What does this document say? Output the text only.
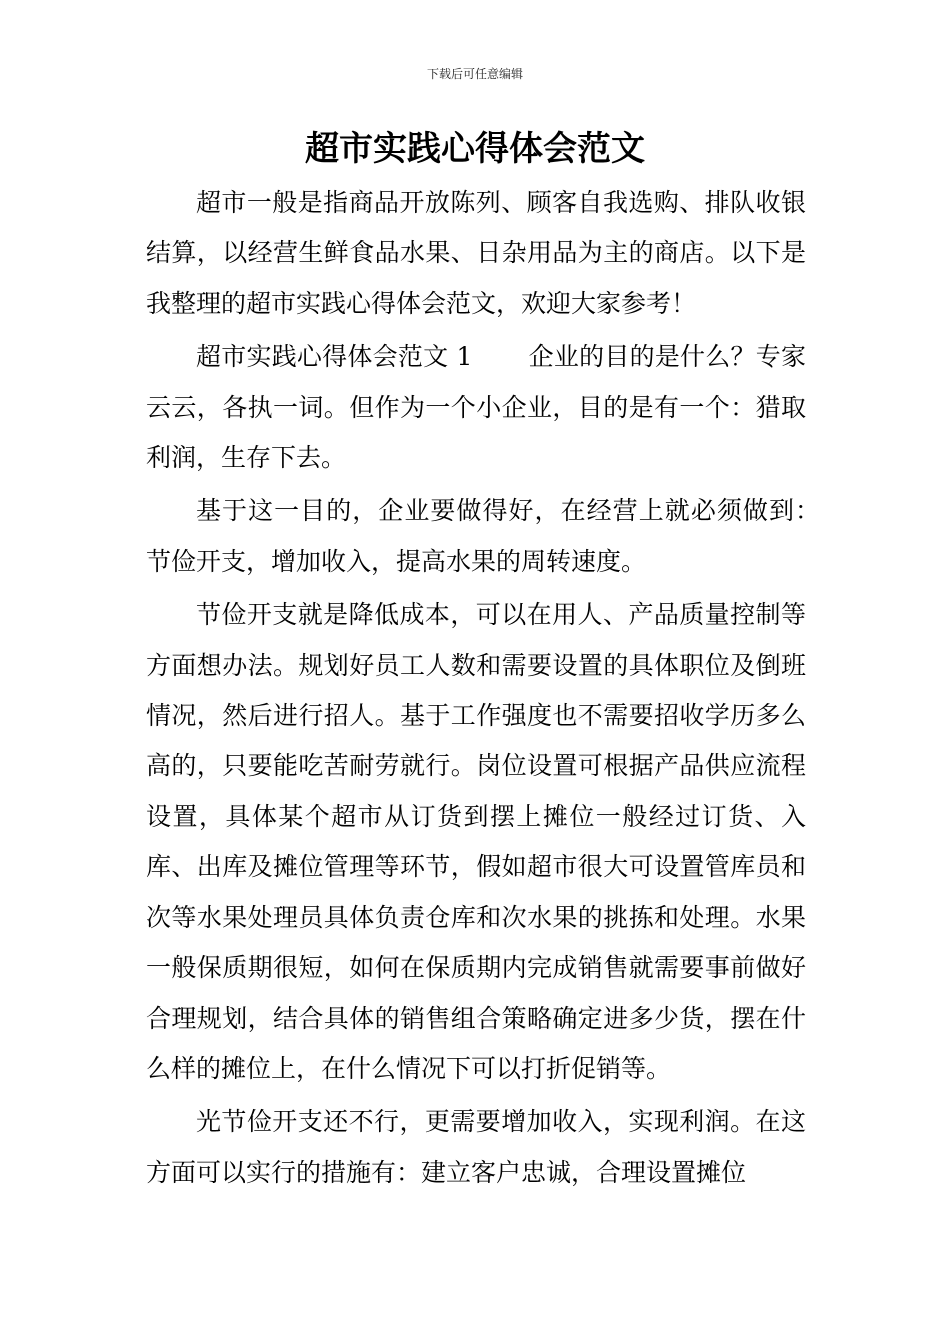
下载后可任意编辑
超市实践心得体会范文

超市一般是指商品开放陈列、顾客自我选购、排队收银结算，以经营生鲜食品水果、日杂用品为主的商店。以下是我整理的超市实践心得体会范文，欢迎大家参考！

超市实践心得体会范文 1 企业的目的是什么？专家云云，各执一词。但作为一个小企业，目的是有一个：猎取利润，生存下去。

基于这一目的，企业要做得好，在经营上就必须做到：节俭开支，增加收入，提高水果的周转速度。

节俭开支就是降低成本，可以在用人、产品质量控制等方面想办法。规划好员工人数和需要设置的具体职位及倒班情况，然后进行招人。基于工作强度也不需要招收学历多么高的，只要能吃苦耐劳就行。岗位设置可根据产品供应流程设置，具体某个超市从订货到摆上摊位一般经过订货、入库、出库及摊位管理等环节，假如超市很大可设置管库员和次等水果处理员具体负责仓库和次水果的挑拣和处理。水果一般保质期很短，如何在保质期内完成销售就需要事前做好合理规划，结合具体的销售组合策略确定进多少货，摆在什么样的摊位上，在什么情况下可以打折促销等。

光节俭开支还不行，更需要增加收入，实现利润。在这方面可以实行的措施有：建立客户忠诚，合理设置摊位
